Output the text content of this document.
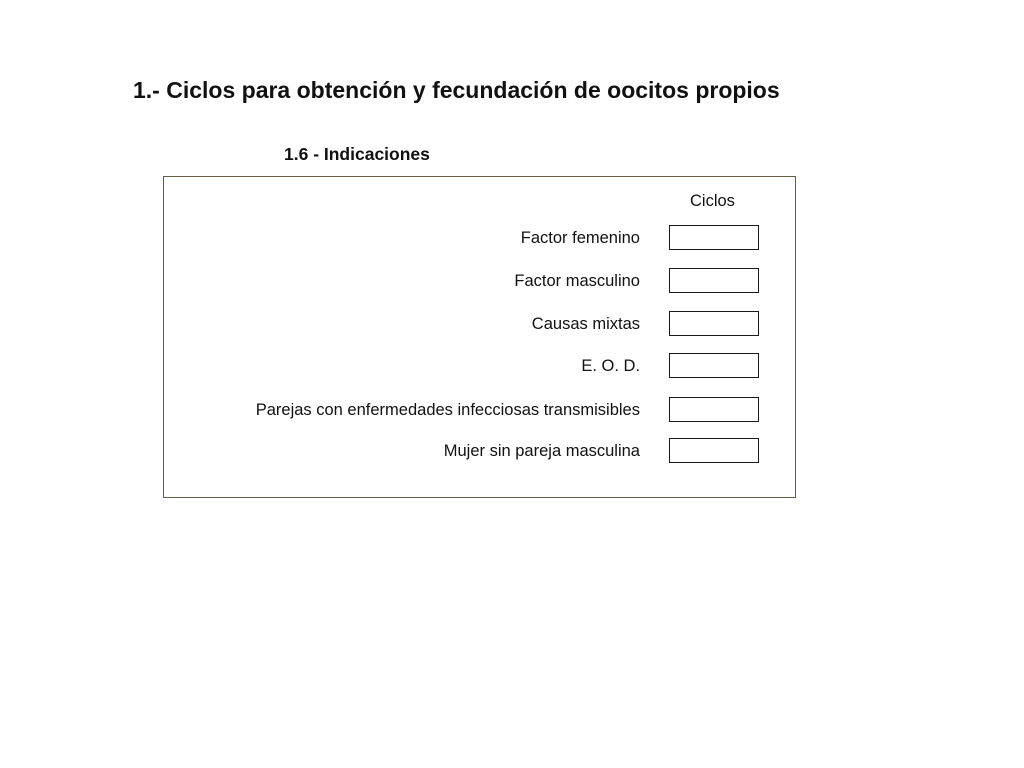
1.- Ciclos para obtención y fecundación de oocitos propios
1.6 - Indicaciones
Ciclos
Factor femenino
Factor masculino
Causas mixtas
E. O. D.
Parejas con enfermedades infecciosas transmisibles
Mujer sin pareja masculina
